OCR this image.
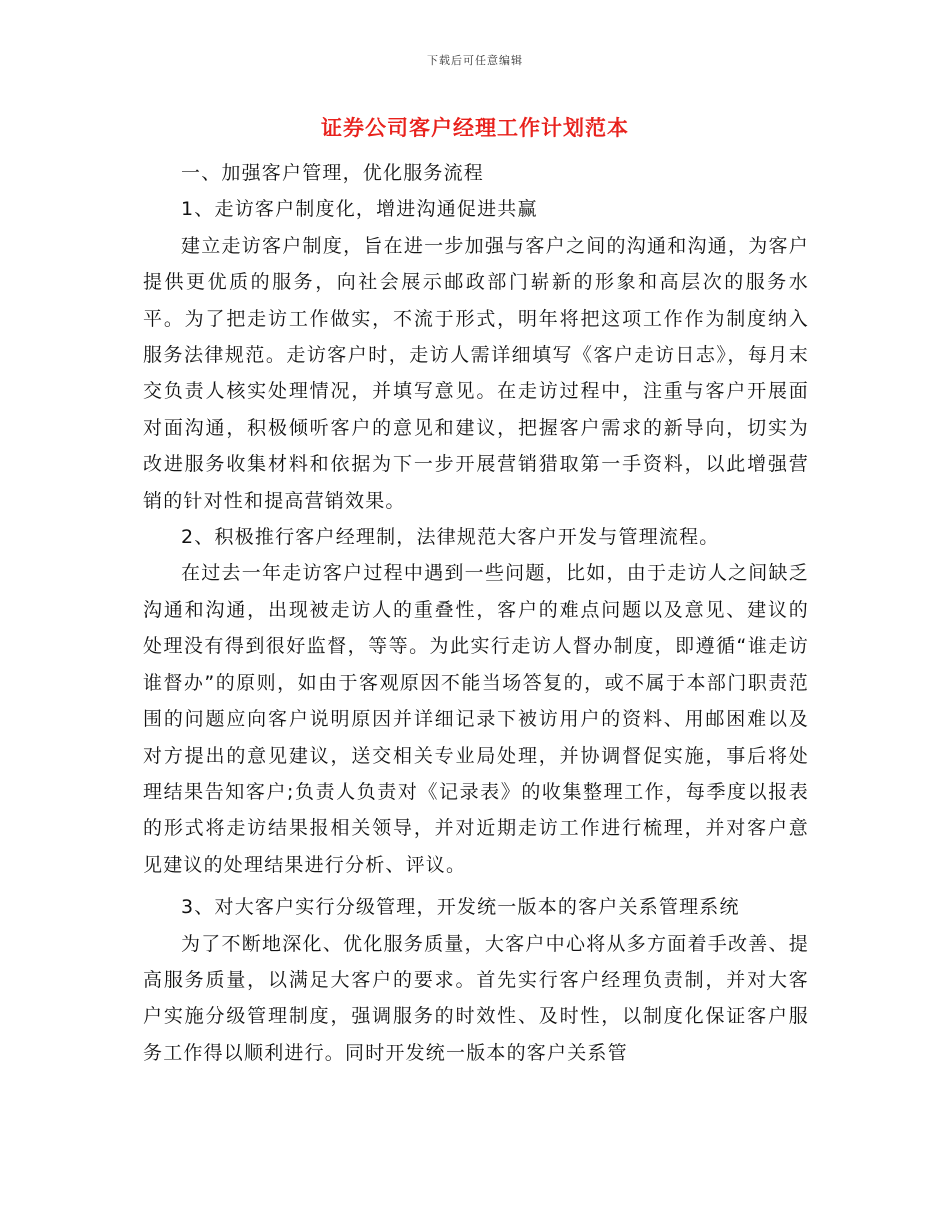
下载后可任意编辑
证券公司客户经理工作计划范本

一、加强客户管理，优化服务流程

1、走访客户制度化，增进沟通促进共赢

建立走访客户制度，旨在进一步加强与客户之间的沟通和沟通，为客户提供更优质的服务，向社会展示邮政部门崭新的形象和高层次的服务水平。为了把走访工作做实，不流于形式，明年将把这项工作作为制度纳入服务法律规范。走访客户时，走访人需详细填写《客户走访日志》，每月末交负责人核实处理情况，并填写意见。在走访过程中，注重与客户开展面对面沟通，积极倾听客户的意见和建议，把握客户需求的新导向，切实为改进服务收集材料和依据为下一步开展营销猎取第一手资料，以此增强营销的针对性和提高营销效果。

2、积极推行客户经理制，法律规范大客户开发与管理流程。

在过去一年走访客户过程中遇到一些问题，比如，由于走访人之间缺乏沟通和沟通，出现被走访人的重叠性，客户的难点问题以及意见、建议的处理没有得到很好监督，等等。为此实行走访人督办制度，即遵循“谁走访谁督办”的原则，如由于客观原因不能当场答复的，或不属于本部门职责范围的问题应向客户说明原因并详细记录下被访用户的资料、用邮困难以及对方提出的意见建议，送交相关专业局处理，并协调督促实施，事后将处理结果告知客户;负责人负责对《记录表》的收集整理工作，每季度以报表的形式将走访结果报相关领导，并对近期走访工作进行梳理，并对客户意见建议的处理结果进行分析、评议。

3、对大客户实行分级管理，开发统一版本的客户关系管理系统

为了不断地深化、优化服务质量，大客户中心将从多方面着手改善、提高服务质量，以满足大客户的要求。首先实行客户经理负责制，并对大客户实施分级管理制度，强调服务的时效性、及时性，以制度化保证客户服务工作得以顺利进行。同时开发统一版本的客户关系管
